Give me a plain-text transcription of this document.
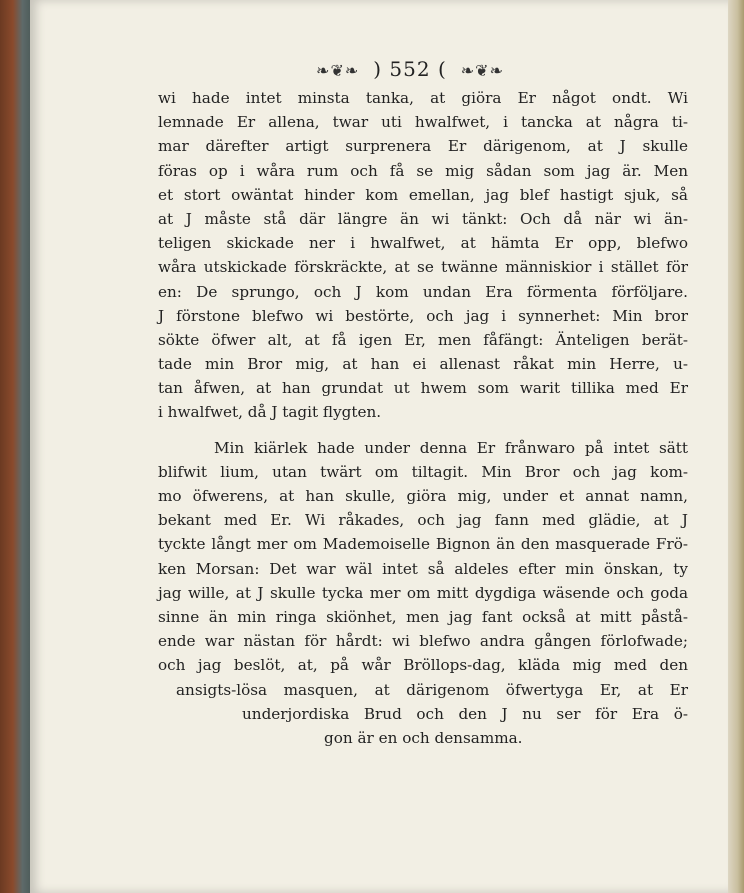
❧❦❧ ) 552 ( ❧❦❧
wi hade intet minsta tanka, at giöra Er något ondt. Wi
lemnade Er allena, twar uti hwalfwet, i tancka at några ti-
mar därefter artigt surprenera Er därigenom, at J skulle
föras op i wåra rum och få se mig sådan som jag är. Men
et stort owäntat hinder kom emellan, jag blef hastigt sjuk, så
at J måste stå där längre än wi tänkt: Och då när wi än-
teligen skickade ner i hwalfwet, at hämta Er opp, blefwo
wåra utskickade förskräckte, at se twänne människior i stället för
en: De sprungo, och J kom undan Era förmenta förföljare.
J förstone blefwo wi bestörte, och jag i synnerhet: Min bror
sökte öfwer alt, at få igen Er, men fåfängt: Änteligen berät-
tade min Bror mig, at han ei allenast råkat min Herre, u-
tan åfwen, at han grundat ut hwem som warit tillika med Er
i hwalfwet, då J tagit flygten.
Min kiärlek hade under denna Er frånwaro på intet sätt
blifwit lium, utan twärt om tiltagit. Min Bror och jag kom-
mo öfwerens, at han skulle, giöra mig, under et annat namn,
bekant med Er. Wi råkades, och jag fann med glädie, at J
tyckte långt mer om Mademoiselle Bignon än den masquerade Frö-
ken Morsan: Det war wäl intet så aldeles efter min önskan, ty
jag wille, at J skulle tycka mer om mitt dygdiga wäsende och goda
sinne än min ringa skiönhet, men jag fant också at mitt påstå-
ende war nästan för hårdt: wi blefwo andra gången förlofwade;
och jag beslöt, at, på wår Bröllops-dag, kläda mig med den
ansigts-lösa masquen, at därigenom öfwertyga Er, at Er
underjordiska Brud och den J nu ser för Era ö-
gon är en och densamma.
